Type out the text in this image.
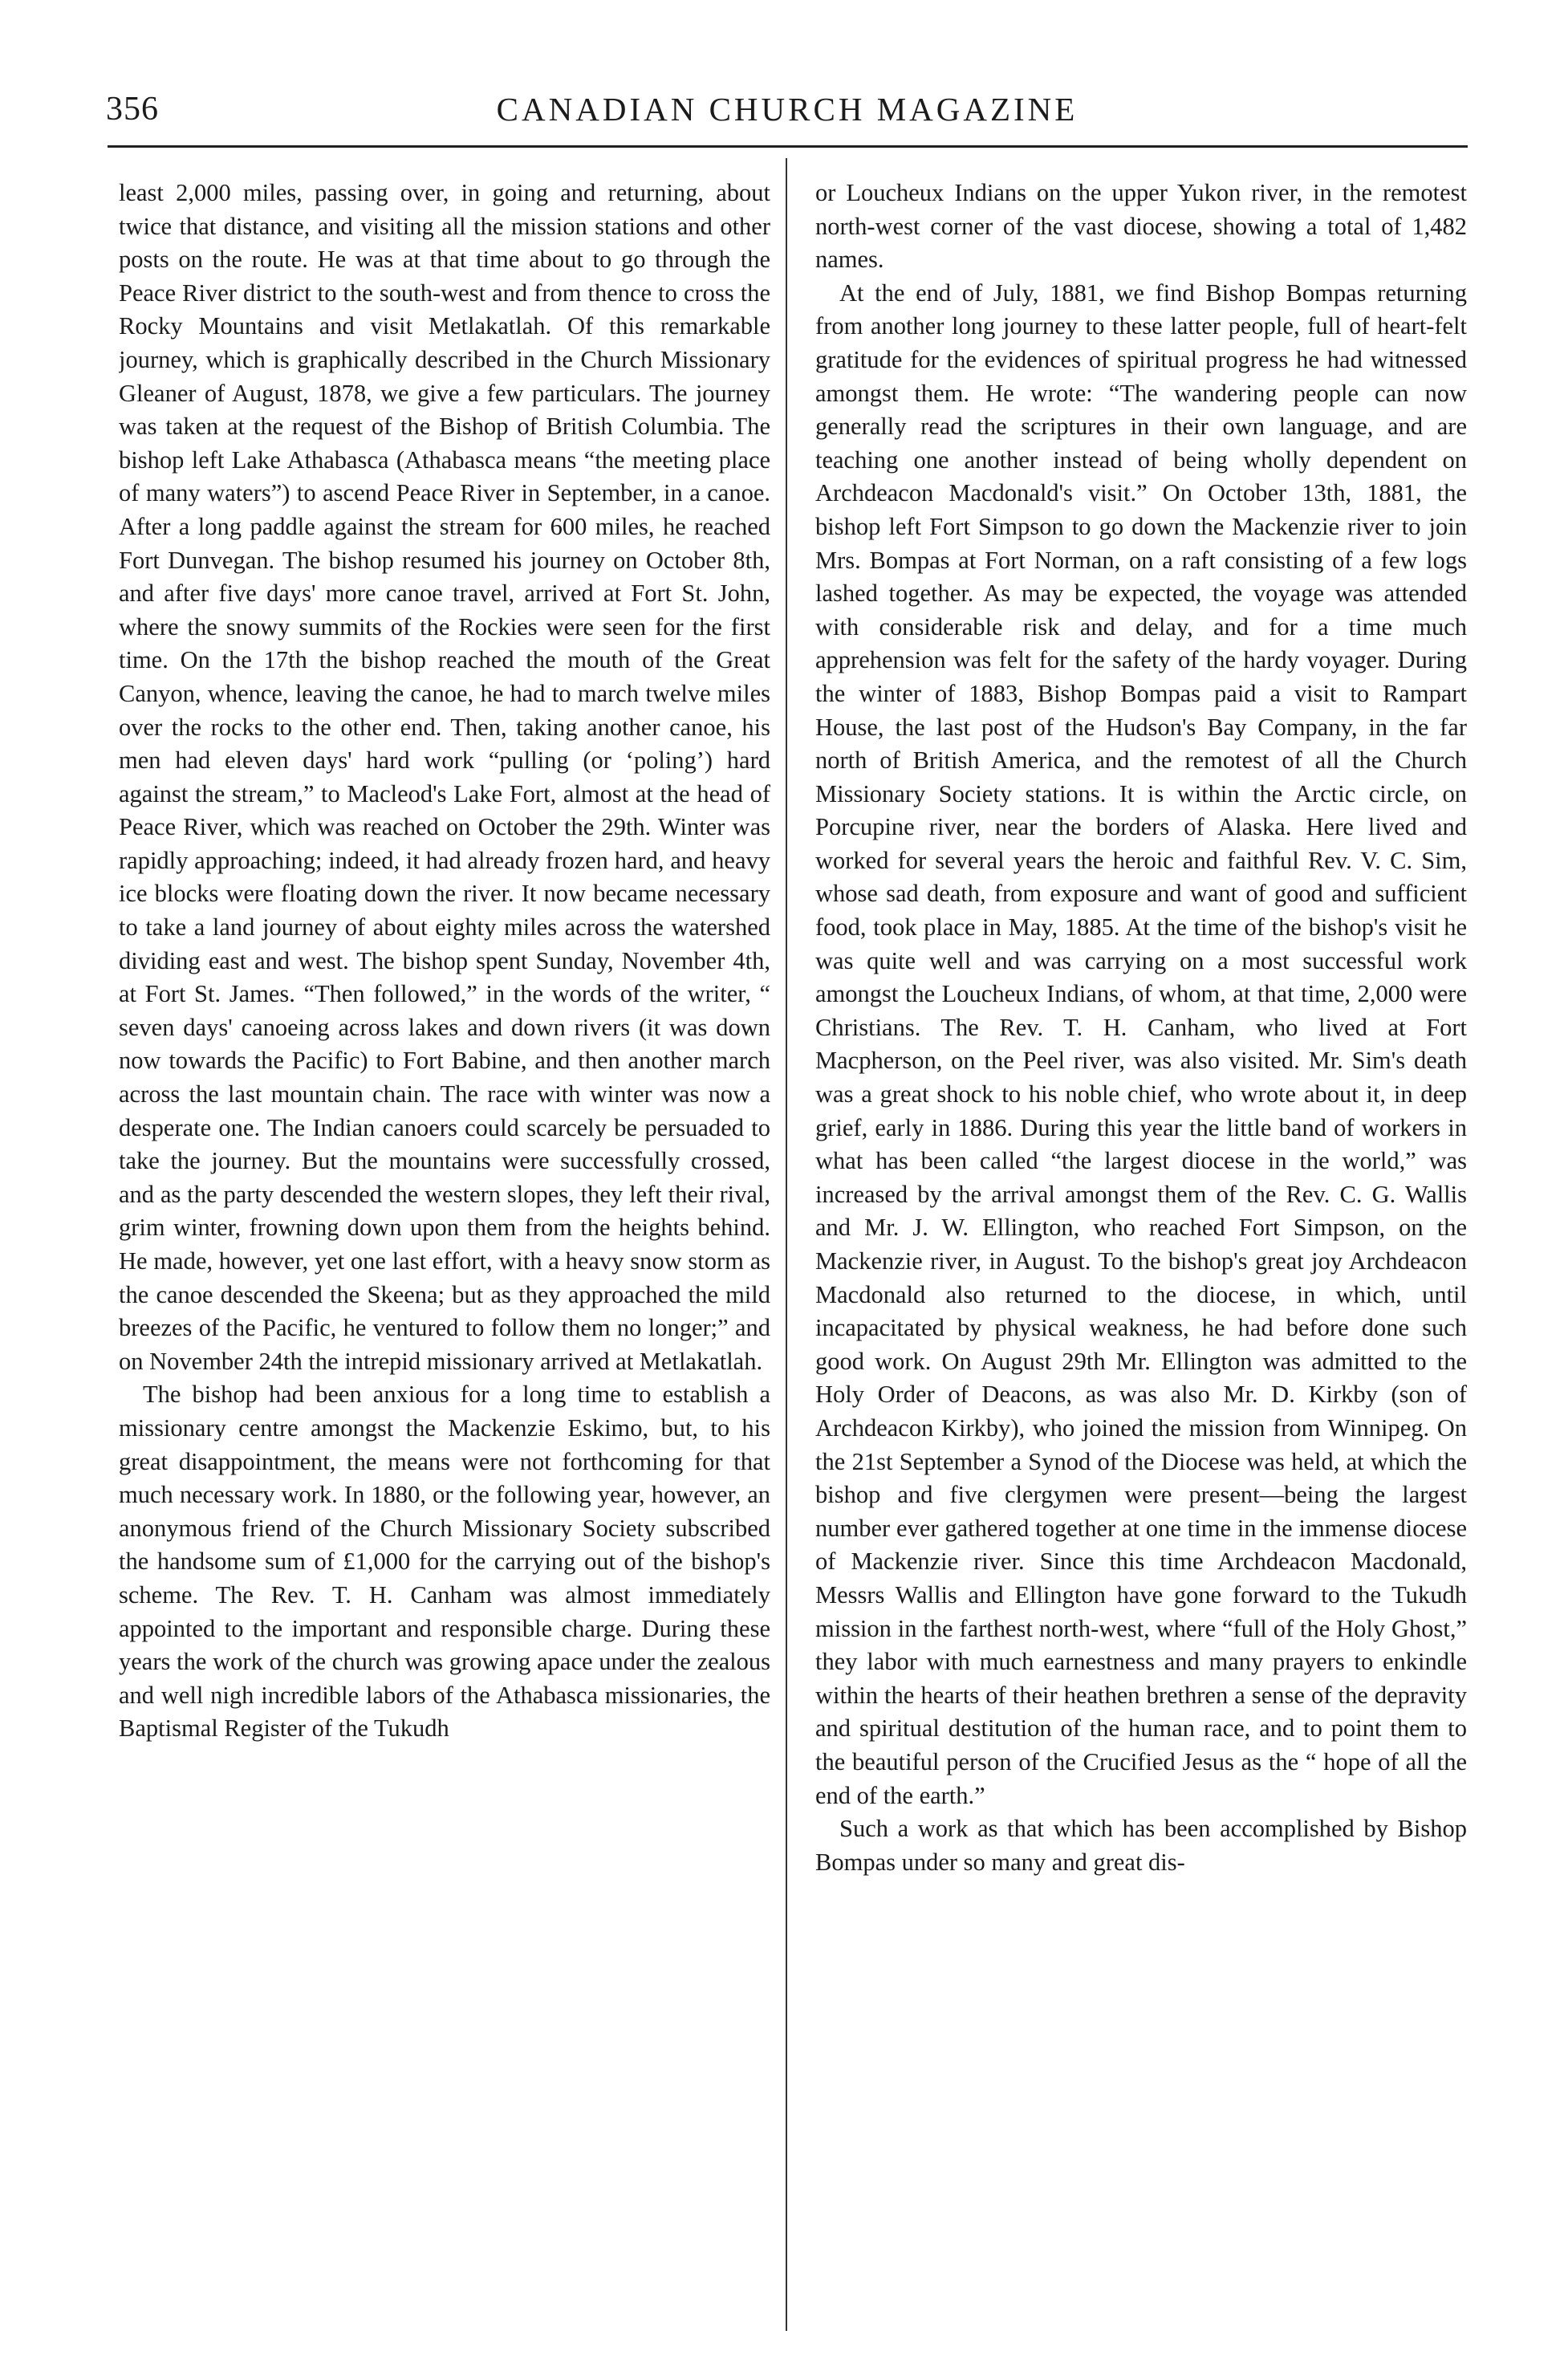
356	CANADIAN CHURCH MAGAZINE

least 2,000 miles, passing over, in going and returning, about twice that distance, and visiting all the mission stations and other posts on the route. He was at that time about to go through the Peace River district to the south-west and from thence to cross the Rocky Mountains and visit Metlakatlah. Of this remarkable journey, which is graphically described in the Church Missionary Gleaner of August, 1878, we give a few particulars. The journey was taken at the request of the Bishop of British Columbia. The bishop left Lake Athabasca (Athabasca means “the meeting place of many waters”) to ascend Peace River in September, in a canoe. After a long paddle against the stream for 600 miles, he reached Fort Dunvegan. The bishop resumed his journey on October 8th, and after five days' more canoe travel, arrived at Fort St. John, where the snowy summits of the Rockies were seen for the first time. On the 17th the bishop reached the mouth of the Great Canyon, whence, leaving the canoe, he had to march twelve miles over the rocks to the other end. Then, taking another canoe, his men had eleven days' hard work “pulling (or ‘poling’) hard against the stream,” to Macleod's Lake Fort, almost at the head of Peace River, which was reached on October the 29th. Winter was rapidly approaching; indeed, it had already frozen hard, and heavy ice blocks were floating down the river. It now became necessary to take a land journey of about eighty miles across the watershed dividing east and west. The bishop spent Sunday, November 4th, at Fort St. James. “Then followed,” in the words of the writer, “ seven days' canoeing across lakes and down rivers (it was down now towards the Pacific) to Fort Babine, and then another march across the last mountain chain. The race with winter was now a desperate one. The Indian canoers could scarcely be persuaded to take the journey. But the mountains were successfully crossed, and as the party descended the western slopes, they left their rival, grim winter, frowning down upon them from the heights behind. He made, however, yet one last effort, with a heavy snow storm as the canoe descended the Skeena; but as they approached the mild breezes of the Pacific, he ventured to follow them no longer;” and on November 24th the intrepid missionary arrived at Metlakatlah.

The bishop had been anxious for a long time to establish a missionary centre amongst the Mackenzie Eskimo, but, to his great disappointment, the means were not forthcoming for that much necessary work. In 1880, or the following year, however, an anonymous friend of the Church Missionary Society subscribed the handsome sum of £1,000 for the carrying out of the bishop's scheme. The Rev. T. H. Canham was almost immediately appointed to the important and responsible charge. During these years the work of the church was growing apace under the zealous and well nigh incredible labors of the Athabasca missionaries, the Baptismal Register of the Tukudh

or Loucheux Indians on the upper Yukon river, in the remotest north-west corner of the vast diocese, showing a total of 1,482 names.

At the end of July, 1881, we find Bishop Bompas returning from another long journey to these latter people, full of heart-felt gratitude for the evidences of spiritual progress he had witnessed amongst them. He wrote: “The wandering people can now generally read the scriptures in their own language, and are teaching one another instead of being wholly dependent on Archdeacon Macdonald's visit.” On October 13th, 1881, the bishop left Fort Simpson to go down the Mackenzie river to join Mrs. Bompas at Fort Norman, on a raft consisting of a few logs lashed together. As may be expected, the voyage was attended with considerable risk and delay, and for a time much apprehension was felt for the safety of the hardy voyager. During the winter of 1883, Bishop Bompas paid a visit to Rampart House, the last post of the Hudson's Bay Company, in the far north of British America, and the remotest of all the Church Missionary Society stations. It is within the Arctic circle, on Porcupine river, near the borders of Alaska. Here lived and worked for several years the heroic and faithful Rev. V. C. Sim, whose sad death, from exposure and want of good and sufficient food, took place in May, 1885. At the time of the bishop's visit he was quite well and was carrying on a most successful work amongst the Loucheux Indians, of whom, at that time, 2,000 were Christians. The Rev. T. H. Canham, who lived at Fort Macpherson, on the Peel river, was also visited. Mr. Sim's death was a great shock to his noble chief, who wrote about it, in deep grief, early in 1886. During this year the little band of workers in what has been called “the largest diocese in the world,” was increased by the arrival amongst them of the Rev. C. G. Wallis and Mr. J. W. Ellington, who reached Fort Simpson, on the Mackenzie river, in August. To the bishop's great joy Archdeacon Macdonald also returned to the diocese, in which, until incapacitated by physical weakness, he had before done such good work. On August 29th Mr. Ellington was admitted to the Holy Order of Deacons, as was also Mr. D. Kirkby (son of Archdeacon Kirkby), who joined the mission from Winnipeg. On the 21st September a Synod of the Diocese was held, at which the bishop and five clergymen were present—being the largest number ever gathered together at one time in the immense diocese of Mackenzie river. Since this time Archdeacon Macdonald, Messrs Wallis and Ellington have gone forward to the Tukudh mission in the farthest north-west, where “full of the Holy Ghost,” they labor with much earnestness and many prayers to enkindle within the hearts of their heathen brethren a sense of the depravity and spiritual destitution of the human race, and to point them to the beautiful person of the Crucified Jesus as the “ hope of all the end of the earth.”

Such a work as that which has been accomplished by Bishop Bompas under so many and great dis-
